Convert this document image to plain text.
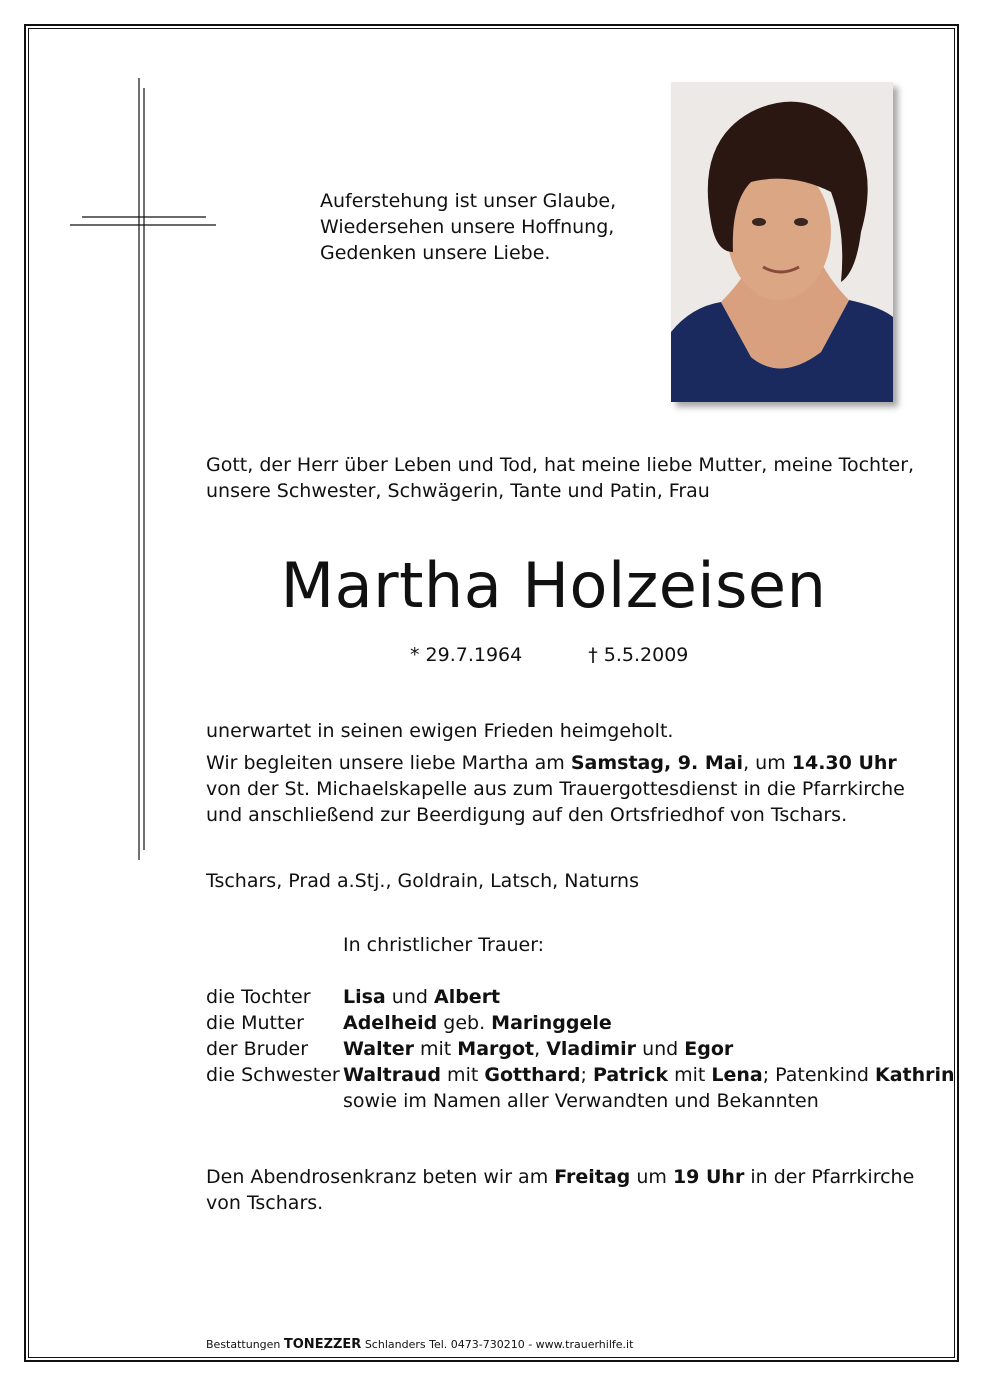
Auferstehung ist unser Glaube,
Wiedersehen unsere Hoffnung,
Gedenken unsere Liebe.
Gott, der Herr über Leben und Tod, hat meine liebe Mutter, meine Tochter,
unsere Schwester, Schwägerin, Tante und Patin, Frau
Martha Holzeisen
* 29.7.1964	† 5.5.2009
unerwartet in seinen ewigen Frieden heimgeholt.
Wir begleiten unsere liebe Martha am Samstag, 9. Mai, um 14.30 Uhr
von der St. Michaelskapelle aus zum Trauergottesdienst in die Pfarrkirche
und anschließend zur Beerdigung auf den Ortsfriedhof von Tschars.
Tschars, Prad a.Stj., Goldrain, Latsch, Naturns
In christlicher Trauer:
die Tochter Lisa und Albert
die Mutter Adelheid geb. Maringgele
der Bruder Walter mit Margot, Vladimir und Egor
die Schwester Waltraud mit Gotthard; Patrick mit Lena; Patenkind Kathrin
sowie im Namen aller Verwandten und Bekannten
Den Abendrosenkranz beten wir am Freitag um 19 Uhr in der Pfarrkirche
von Tschars.
Bestattungen TONEZZER Schlanders Tel. 0473-730210 - www.trauerhilfe.it
